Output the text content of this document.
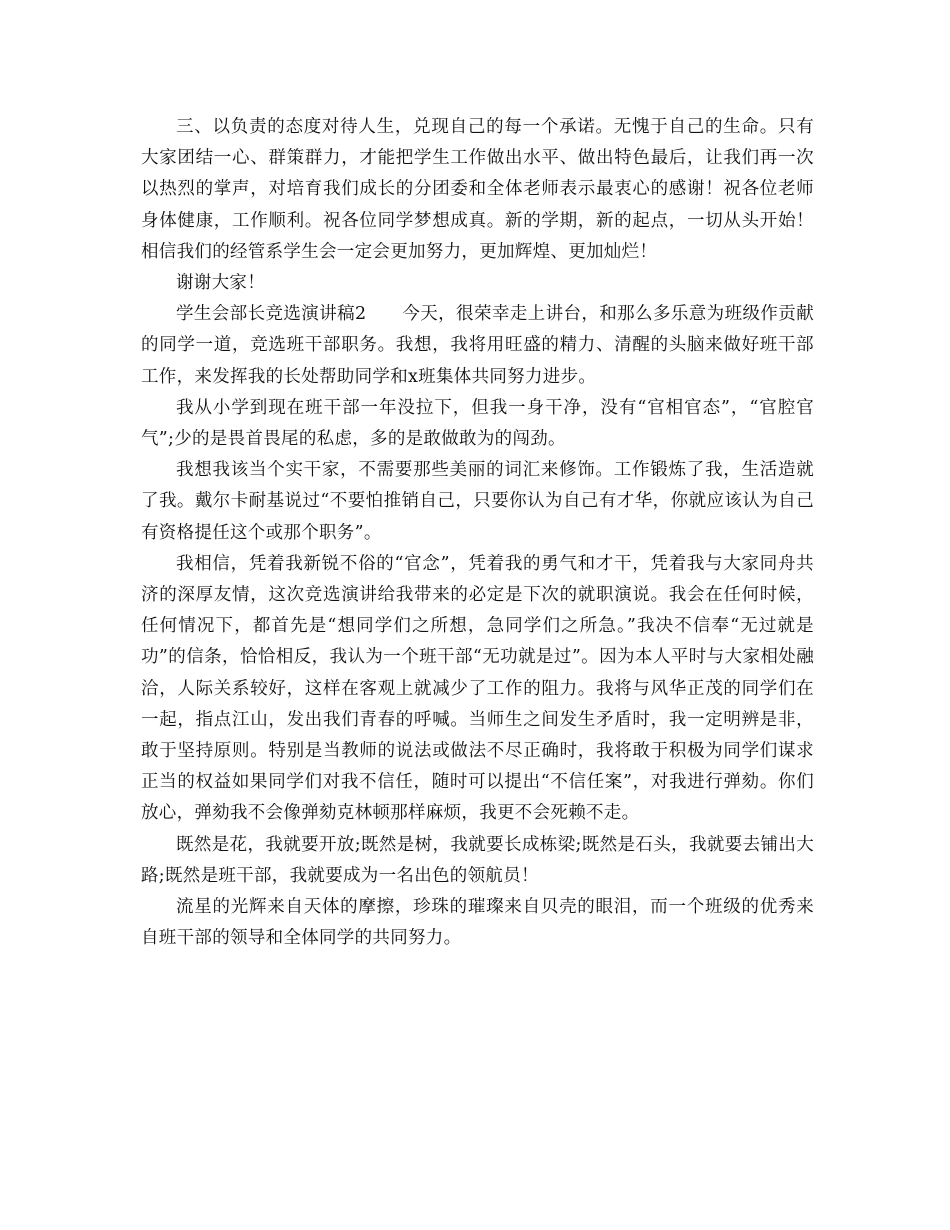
三、以负责的态度对待人生，兑现自己的每一个承诺。无愧于自己的生命。只有大家团结一心、群策群力，才能把学生工作做出水平、做出特色最后，让我们再一次以热烈的掌声，对培育我们成长的分团委和全体老师表示最衷心的感谢！祝各位老师身体健康，工作顺利。祝各位同学梦想成真。新的学期，新的起点，一切从头开始！相信我们的经管系学生会一定会更加努力，更加辉煌、更加灿烂！

谢谢大家！

学生会部长竞选演讲稿2　　今天，很荣幸走上讲台，和那么多乐意为班级作贡献的同学一道，竞选班干部职务。我想，我将用旺盛的精力、清醒的头脑来做好班干部工作，来发挥我的长处帮助同学和x班集体共同努力进步。

我从小学到现在班干部一年没拉下，但我一身干净，没有“官相官态”，“官腔官气”;少的是畏首畏尾的私虑，多的是敢做敢为的闯劲。

我想我该当个实干家，不需要那些美丽的词汇来修饰。工作锻炼了我，生活造就了我。戴尔卡耐基说过“不要怕推销自己，只要你认为自己有才华，你就应该认为自己有资格提任这个或那个职务”。

我相信，凭着我新锐不俗的“官念”，凭着我的勇气和才干，凭着我与大家同舟共济的深厚友情，这次竞选演讲给我带来的必定是下次的就职演说。我会在任何时候，任何情况下，都首先是“想同学们之所想，急同学们之所急。”我决不信奉“无过就是功”的信条，恰恰相反，我认为一个班干部“无功就是过”。因为本人平时与大家相处融洽，人际关系较好，这样在客观上就减少了工作的阻力。我将与风华正茂的同学们在一起，指点江山，发出我们青春的呼喊。当师生之间发生矛盾时，我一定明辨是非，敢于坚持原则。特别是当教师的说法或做法不尽正确时，我将敢于积极为同学们谋求正当的权益如果同学们对我不信任，随时可以提出“不信任案”，对我进行弹劾。你们放心，弹劾我不会像弹劾克林顿那样麻烦，我更不会死赖不走。

既然是花，我就要开放;既然是树，我就要长成栋梁;既然是石头，我就要去铺出大路;既然是班干部，我就要成为一名出色的领航员！

流星的光辉来自天体的摩擦，珍珠的璀璨来自贝壳的眼泪，而一个班级的优秀来自班干部的领导和全体同学的共同努力。
